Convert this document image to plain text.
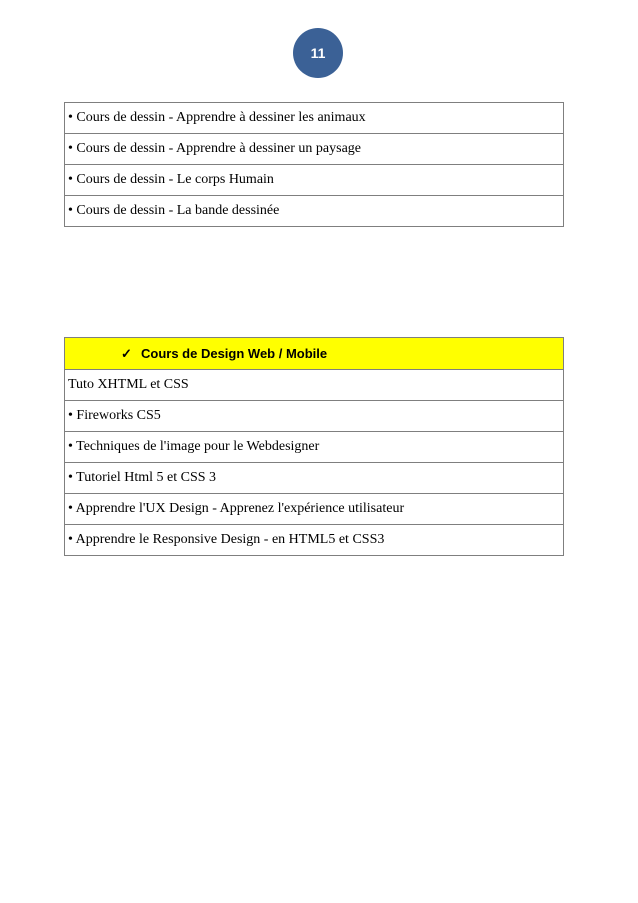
11
• Cours de dessin - Apprendre à dessiner les animaux
• Cours de dessin - Apprendre à dessiner un paysage
• Cours de dessin - Le corps Humain
• Cours de dessin - La bande dessinée
✓ Cours de Design Web / Mobile
Tuto XHTML et CSS
• Fireworks CS5
• Techniques de l'image pour le Webdesigner
• Tutoriel Html 5 et CSS 3
• Apprendre l'UX Design - Apprenez l'expérience utilisateur
• Apprendre le Responsive Design - en HTML5 et CSS3
